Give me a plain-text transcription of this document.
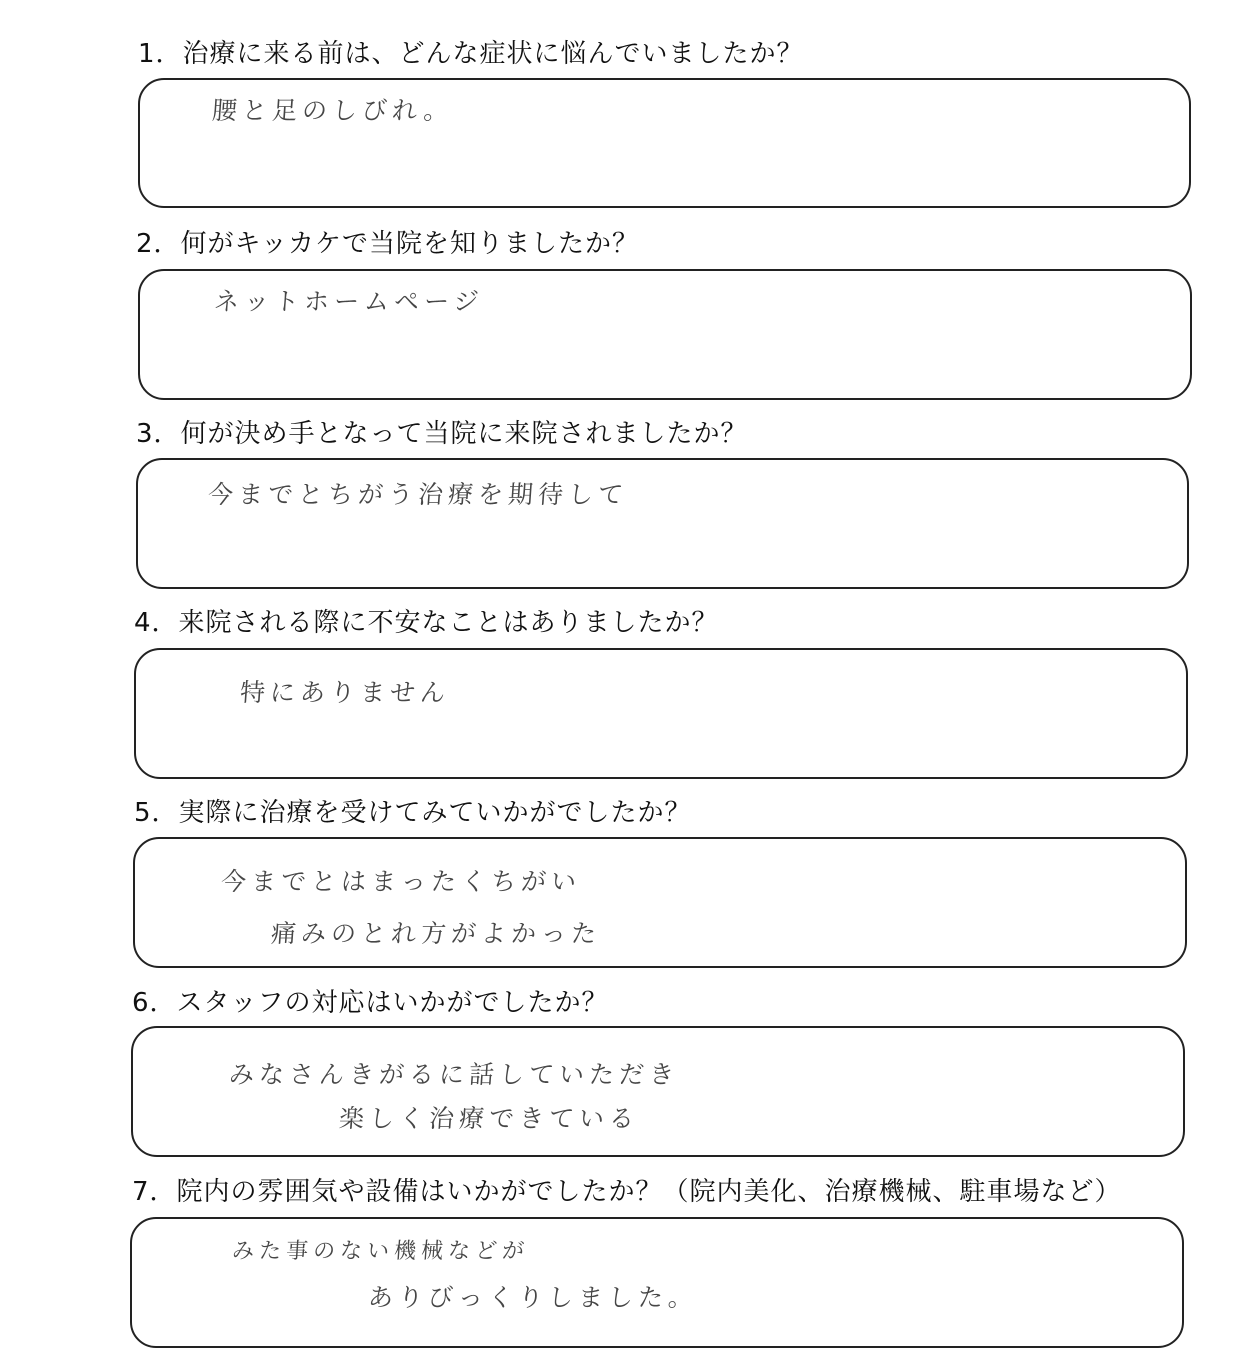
1．治療に来る前は、どんな症状に悩んでいましたか？
腰と足のしびれ。
2．何がキッカケで当院を知りましたか？
ネットホームページ
3．何が決め手となって当院に来院されましたか？
今までとちがう治療を期待して
4．来院される際に不安なことはありましたか？
特にありません
5．実際に治療を受けてみていかがでしたか？
今までとはまったくちがい
痛みのとれ方がよかった
6．スタッフの対応はいかがでしたか？
みなさんきがるに話していただき
楽しく治療できている
7．院内の雰囲気や設備はいかがでしたか？（院内美化、治療機械、駐車場など）
みた事のない機械などが
ありびっくりしました。
